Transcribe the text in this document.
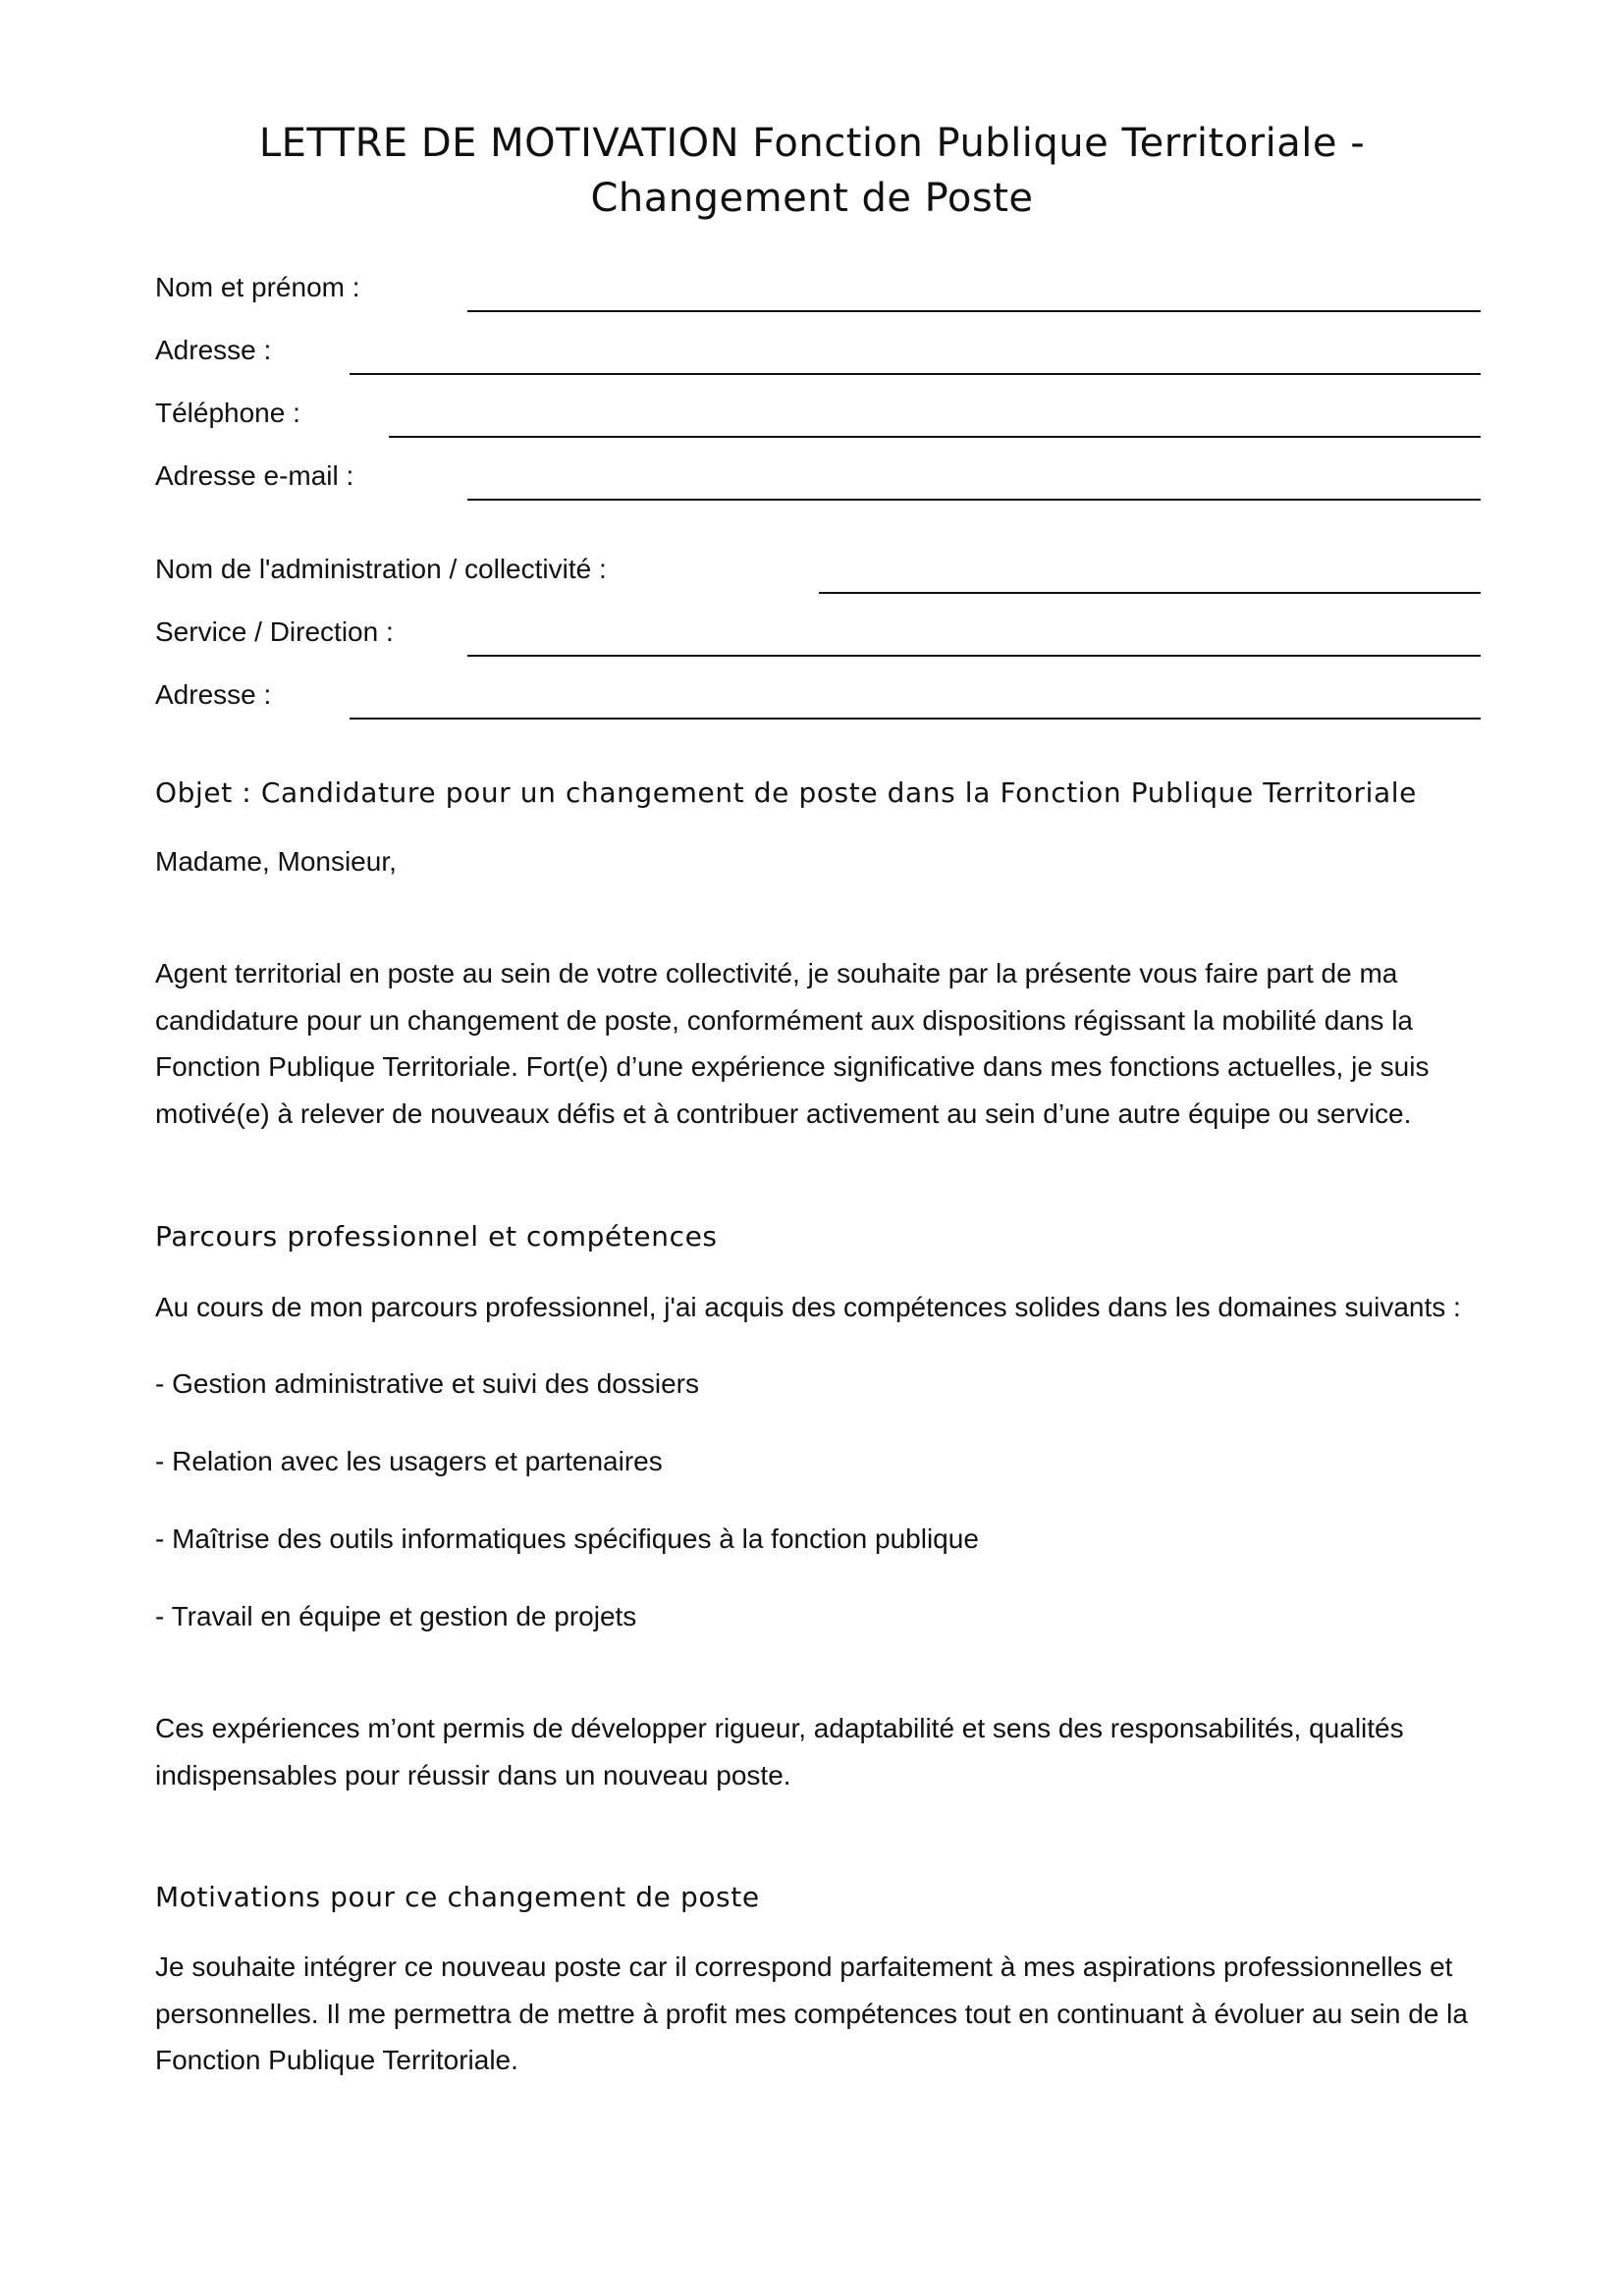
LETTRE DE MOTIVATION Fonction Publique Territoriale - Changement de Poste
Nom et prénom :
Adresse :
Téléphone :
Adresse e-mail :
Nom de l'administration / collectivité :
Service / Direction :
Adresse :

Objet : Candidature pour un changement de poste dans la Fonction Publique Territoriale

Madame, Monsieur,

Agent territorial en poste au sein de votre collectivité, je souhaite par la présente vous faire part de ma candidature pour un changement de poste, conformément aux dispositions régissant la mobilité dans la Fonction Publique Territoriale. Fort(e) d’une expérience significative dans mes fonctions actuelles, je suis motivé(e) à relever de nouveaux défis et à contribuer activement au sein d’une autre équipe ou service.

Parcours professionnel et compétences

Au cours de mon parcours professionnel, j'ai acquis des compétences solides dans les domaines suivants :

- Gestion administrative et suivi des dossiers

- Relation avec les usagers et partenaires

- Maîtrise des outils informatiques spécifiques à la fonction publique

- Travail en équipe et gestion de projets

Ces expériences m’ont permis de développer rigueur, adaptabilité et sens des responsabilités, qualités indispensables pour réussir dans un nouveau poste.

Motivations pour ce changement de poste

Je souhaite intégrer ce nouveau poste car il correspond parfaitement à mes aspirations professionnelles et personnelles. Il me permettra de mettre à profit mes compétences tout en continuant à évoluer au sein de la Fonction Publique Territoriale.
